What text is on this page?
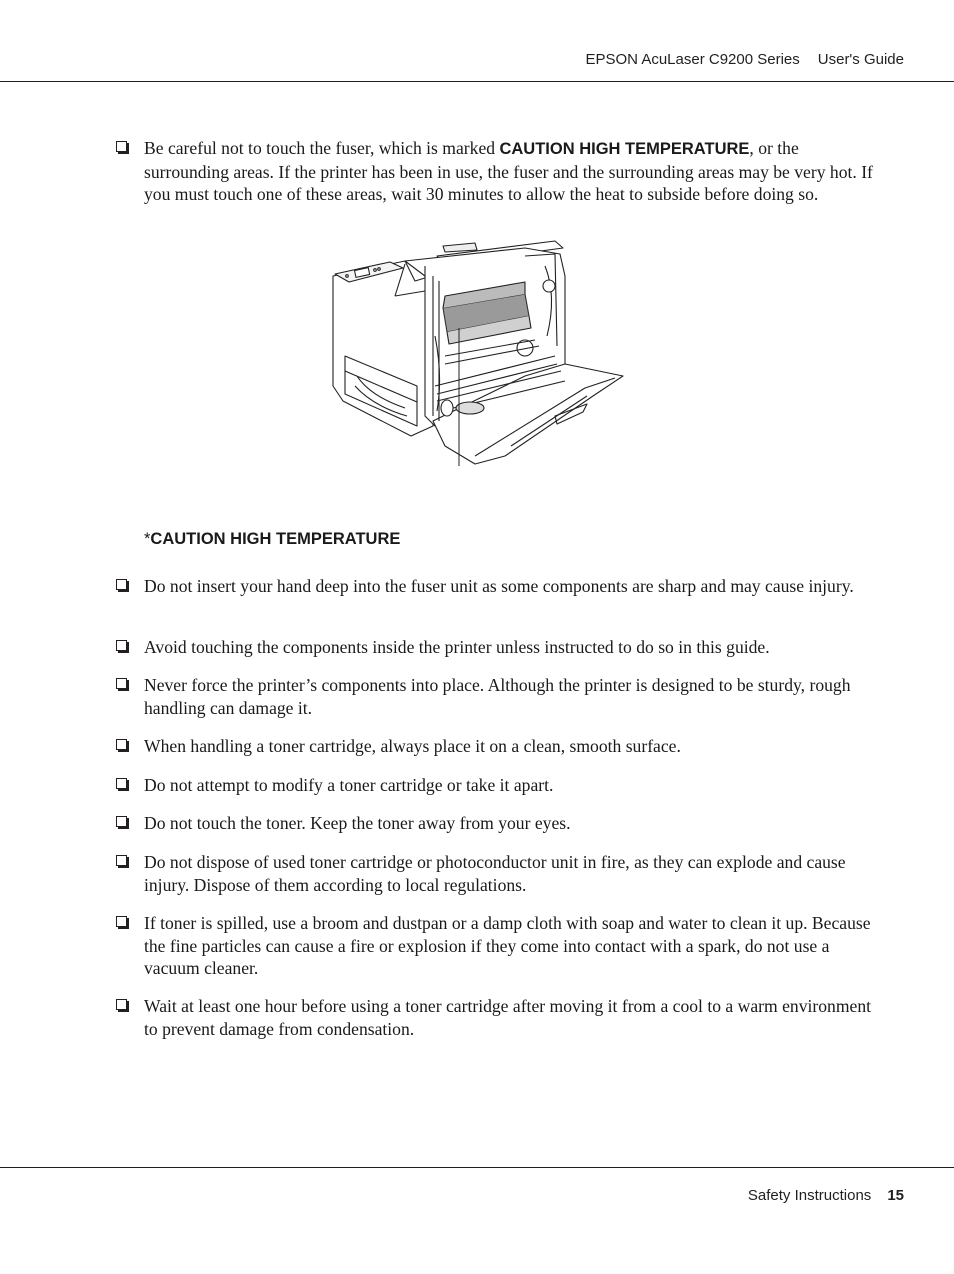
EPSON AcuLaser C9200 Series User's Guide
Be careful not to touch the fuser, which is marked CAUTION HIGH TEMPERATURE, or the surrounding areas. If the printer has been in use, the fuser and the surrounding areas may be very hot. If you must touch one of these areas, wait 30 minutes to allow the heat to subside before doing so.
*CAUTION HIGH TEMPERATURE
Do not insert your hand deep into the fuser unit as some components are sharp and may cause injury.
Avoid touching the components inside the printer unless instructed to do so in this guide.
Never force the printer’s components into place. Although the printer is designed to be sturdy, rough handling can damage it.
When handling a toner cartridge, always place it on a clean, smooth surface.
Do not attempt to modify a toner cartridge or take it apart.
Do not touch the toner. Keep the toner away from your eyes.
Do not dispose of used toner cartridge or photoconductor unit in fire, as they can explode and cause injury. Dispose of them according to local regulations.
If toner is spilled, use a broom and dustpan or a damp cloth with soap and water to clean it up. Because the fine particles can cause a fire or explosion if they come into contact with a spark, do not use a vacuum cleaner.
Wait at least one hour before using a toner cartridge after moving it from a cool to a warm environment to prevent damage from condensation.
Safety Instructions 15
